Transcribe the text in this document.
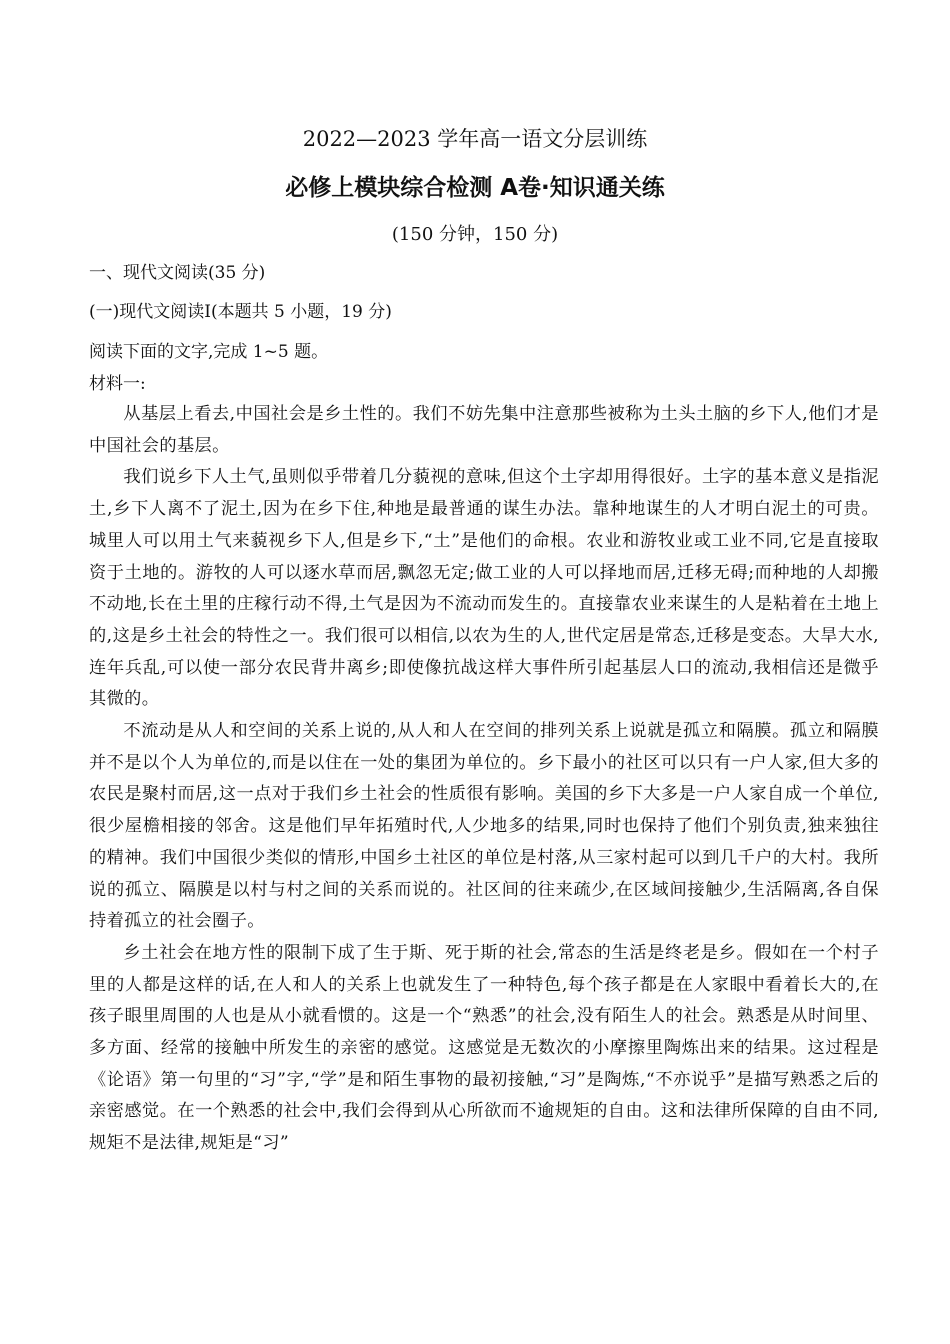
2022—2023 学年高一语文分层训练
必修上模块综合检测 A卷·知识通关练
(150 分钟，150 分)
一、现代文阅读(35 分)
(一)现代文阅读Ⅰ(本题共 5 小题，19 分)
阅读下面的文字,完成 1~5 题。
材料一:

从基层上看去,中国社会是乡土性的。我们不妨先集中注意那些被称为土头土脑的乡下人,他们才是中国社会的基层。

我们说乡下人土气,虽则似乎带着几分藐视的意味,但这个土字却用得很好。土字的基本意义是指泥土,乡下人离不了泥土,因为在乡下住,种地是最普通的谋生办法。靠种地谋生的人才明白泥土的可贵。城里人可以用土气来藐视乡下人,但是乡下,“土”是他们的命根。农业和游牧业或工业不同,它是直接取资于土地的。游牧的人可以逐水草而居,飘忽无定;做工业的人可以择地而居,迁移无碍;而种地的人却搬不动地,长在土里的庄稼行动不得,土气是因为不流动而发生的。直接靠农业来谋生的人是粘着在土地上的,这是乡土社会的特性之一。我们很可以相信,以农为生的人,世代定居是常态,迁移是变态。大旱大水,连年兵乱,可以使一部分农民背井离乡;即使像抗战这样大事件所引起基层人口的流动,我相信还是微乎其微的。

不流动是从人和空间的关系上说的,从人和人在空间的排列关系上说就是孤立和隔膜。孤立和隔膜并不是以个人为单位的,而是以住在一处的集团为单位的。乡下最小的社区可以只有一户人家,但大多的农民是聚村而居,这一点对于我们乡土社会的性质很有影响。美国的乡下大多是一户人家自成一个单位,很少屋檐相接的邻舍。这是他们早年拓殖时代,人少地多的结果,同时也保持了他们个别负责,独来独往的精神。我们中国很少类似的情形,中国乡土社区的单位是村落,从三家村起可以到几千户的大村。我所说的孤立、隔膜是以村与村之间的关系而说的。社区间的往来疏少,在区域间接触少,生活隔离,各自保持着孤立的社会圈子。

乡土社会在地方性的限制下成了生于斯、死于斯的社会,常态的生活是终老是乡。假如在一个村子里的人都是这样的话,在人和人的关系上也就发生了一种特色,每个孩子都是在人家眼中看着长大的,在孩子眼里周围的人也是从小就看惯的。这是一个“熟悉”的社会,没有陌生人的社会。熟悉是从时间里、多方面、经常的接触中所发生的亲密的感觉。这感觉是无数次的小摩擦里陶炼出来的结果。这过程是《论语》第一句里的“习”字,“学”是和陌生事物的最初接触,“习”是陶炼,“不亦说乎”是描写熟悉之后的亲密感觉。在一个熟悉的社会中,我们会得到从心所欲而不逾规矩的自由。这和法律所保障的自由不同,规矩不是法律,规矩是“习”
